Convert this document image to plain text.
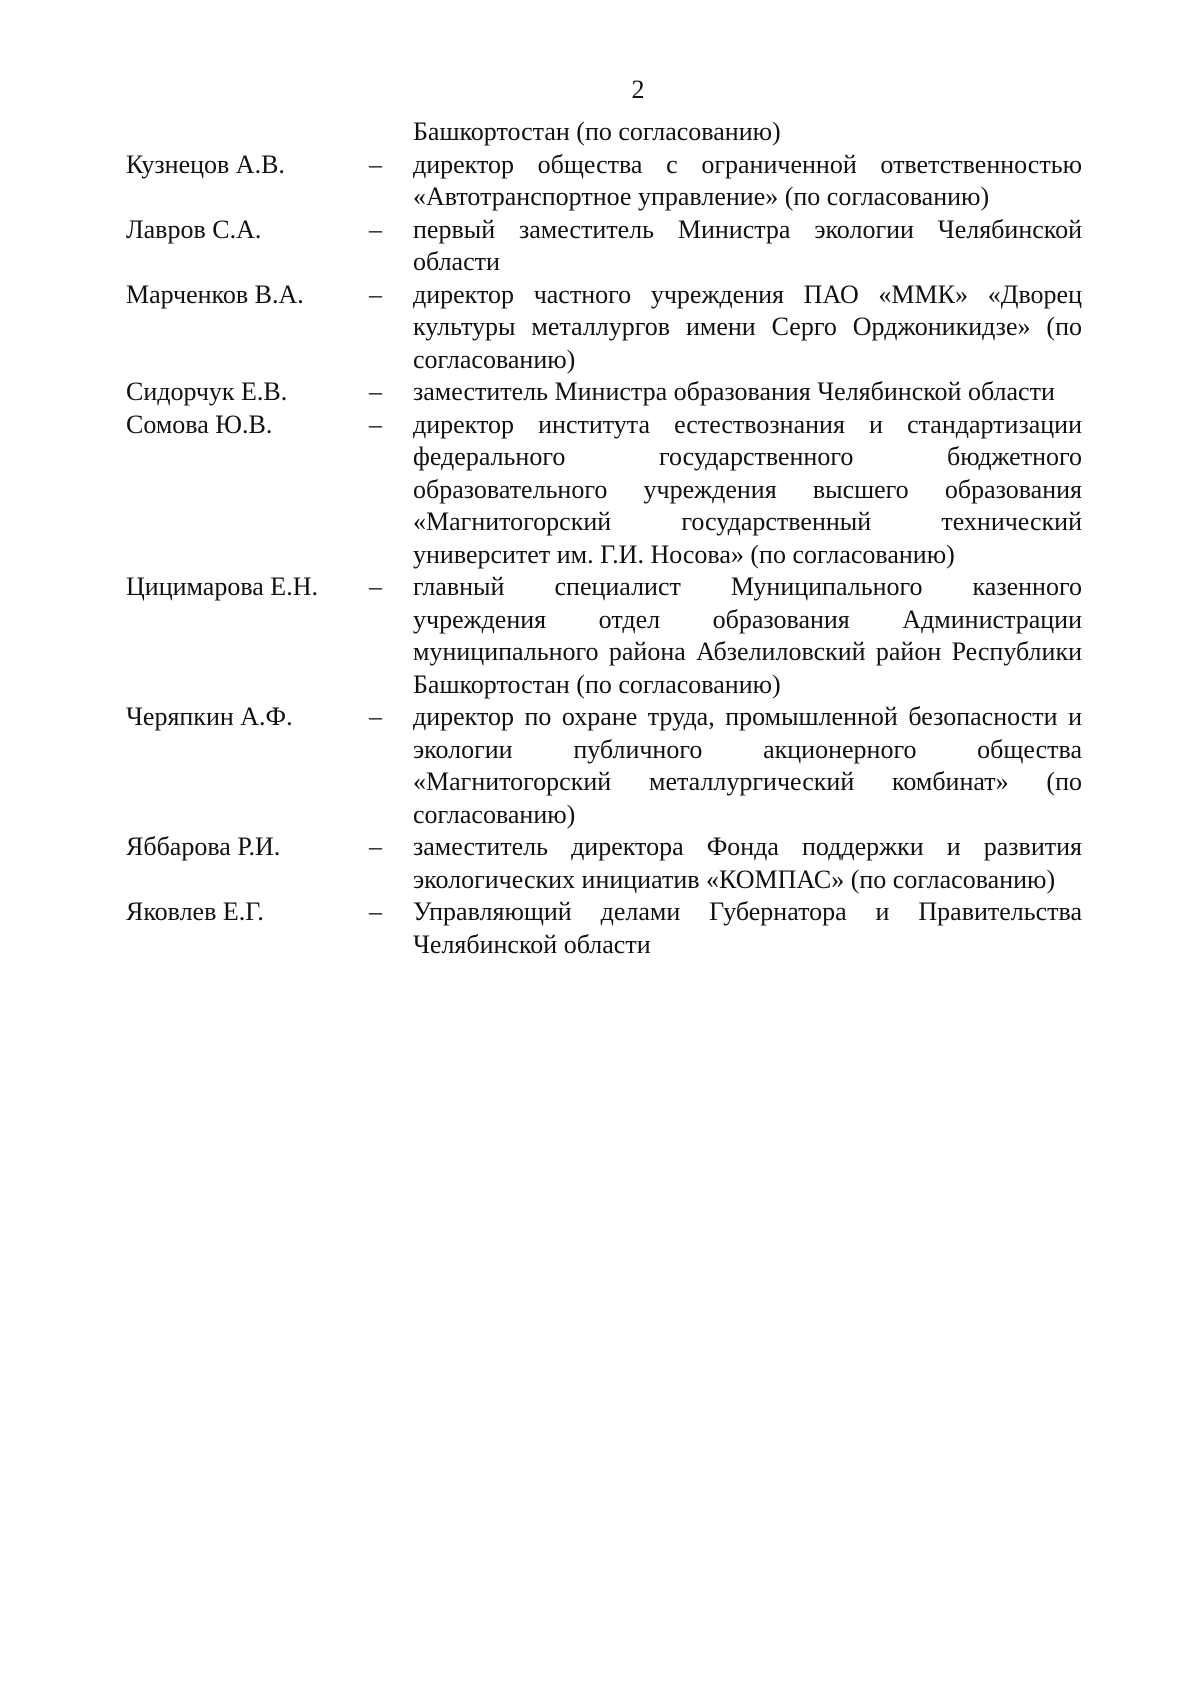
2
Башкортостан (по согласованию)
Кузнецов А.В.	–	директор общества с ограниченной ответственностью «Автотранспортное управление» (по согласованию)
Лавров С.А.	–	первый заместитель Министра экологии Челябинской области
Марченков В.А.	–	директор частного учреждения ПАО «ММК» «Дворец культуры металлургов имени Серго Орджоникидзе» (по согласованию)
Сидорчук Е.В.	–	заместитель Министра образования Челябинской области
Сомова Ю.В.	–	директор института естествознания и стандартизации федерального государственного бюджетного образовательного учреждения высшего образования «Магнитогорский государственный технический университет им. Г.И. Носова» (по согласованию)
Цицимарова Е.Н.	–	главный специалист Муниципального казенного учреждения отдел образования Администрации муниципального района Абзелиловский район Республики Башкортостан (по согласованию)
Черяпкин А.Ф.	–	директор по охране труда, промышленной безопасности и экологии публичного акционерного общества «Магнитогорский металлургический комбинат» (по согласованию)
Яббарова Р.И.	–	заместитель директора Фонда поддержки и развития экологических инициатив «КОМПАС» (по согласованию)
Яковлев Е.Г.	–	Управляющий делами Губернатора и Правительства Челябинской области
